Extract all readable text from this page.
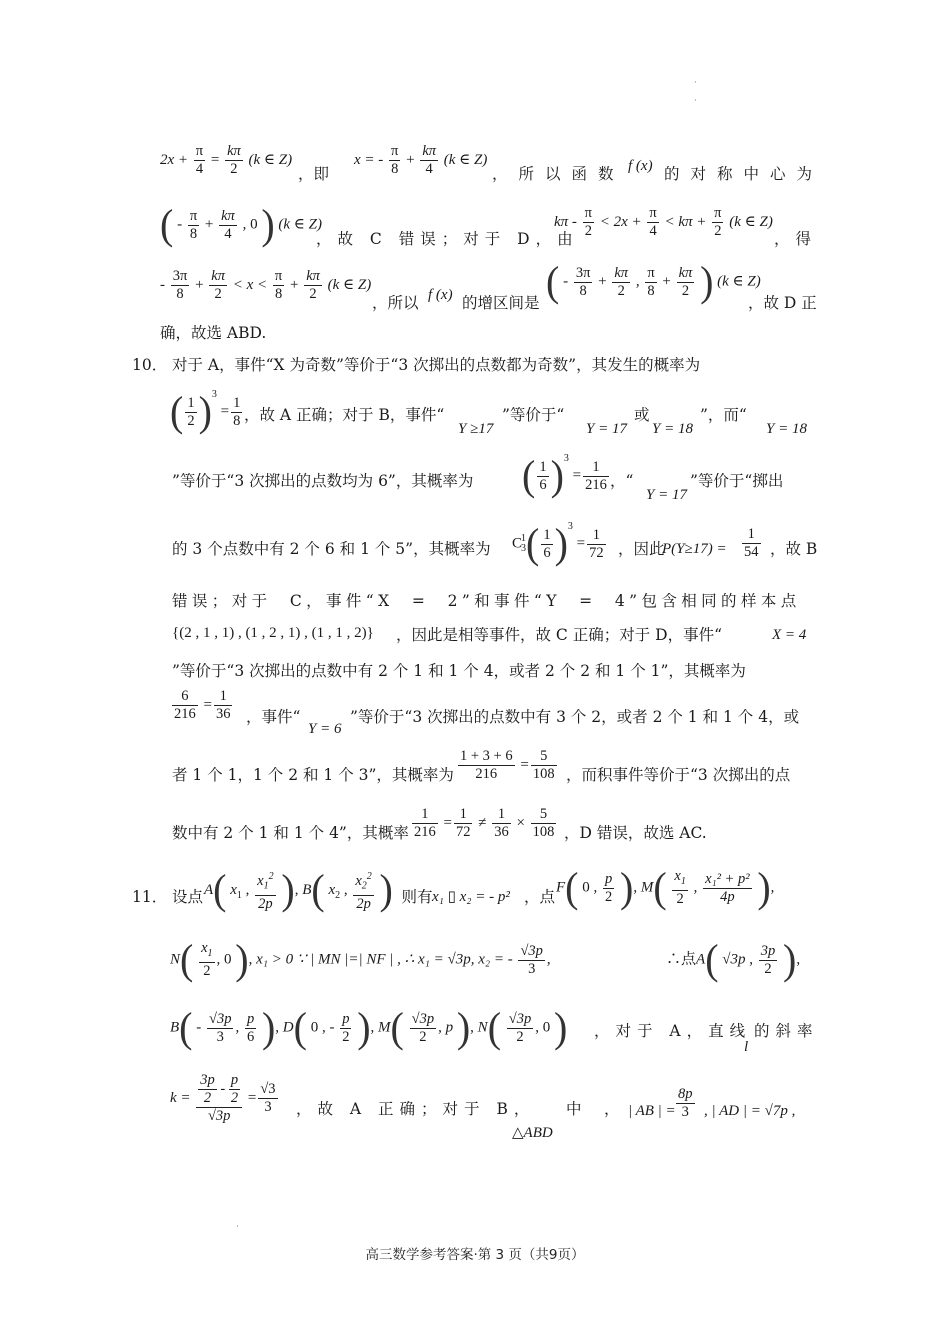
·
·
$2x + \frac{\pi}{4} = \frac{k\pi}{2} (k$ ∈ Z)
，即
x = - $\frac{\pi}{8} + \frac{k\pi}{4} (k$ ∈ Z)
，所以函数 f (x) 的对称中心为
( - $\frac{\pi}{8} + \frac{k\pi}{4}$ , 0 ) (k ∈ Z)
，故 C 错误；对于 D，由
$k\pi - \frac{\pi}{2} < 2x + \frac{\pi}{4} < k\pi + \frac{\pi}{2} (k$ ∈ Z)
，得
- $\frac{3\pi}{8} + \frac{k\pi}{2} < x < \frac{\pi}{8} + \frac{k\pi}{2} (k$ ∈ Z)
，所以 f (x) 的增区间是 ( - $\frac{3\pi}{8} + \frac{k\pi}{2}$ , $\frac{\pi}{8} + \frac{k\pi}{2}$ ) (k ∈ Z)
，故 D 正
确，故选 ABD.
10． 对于 A，事件“X 为奇数”等价于“3 次掷出的点数都为奇数”，其发生的概率为
( $\frac{1}{2} )^3 = \frac{1}{8}$ ，故 A 正确；对于 B，事件“
Y ≥17
”等价于“
Y = 17
或
Y = 18
”，而“
Y = 18
”等价于“3 次掷出的点数均为 6”，其概率为 ( $\frac{1}{6} )^3 = \frac{1}{216}$ ，“
Y = 17
”等价于“掷出
的 3 个点数中有 2 个 6 和 1 个 5”，其概率为 $C_3^1( \frac{1}{6} )^3 = \frac{1}{72}$ ，因此
$P(Y\ge 17) = \frac{1}{54}$ ，故 B
错误；对于 C，事件“X = 2”和事件“Y = 4”包含相同的样本点
{(2 , 1 , 1) , (1 , 2 , 1) , (1 , 1 , 2)} ，因此是相等事件，故 C 正确；对于 D，事件“	X = 4
”等价于“3 次掷出的点数中有 2 个 1 和 1 个 4，或者 2 个 2 和 1 个 1”，其概率为
$\frac{6}{216} = \frac{1}{36}$ ，事件“
Y = 6
”等价于“3 次掷出的点数中有 3 个 2，或者 2 个 1 和 1 个 4，或
者 1 个 1，1 个 2 和 1 个 3”，其概率为 $\frac{1 + 3 + 6}{216} = \frac{5}{108}$ ，而积事件等价于“3 次掷出的点
数中有 2 个 1 和 1 个 4”，其概率 $\frac{1}{216} = \frac{1}{72} \ne \frac{1}{36} \times \frac{5}{108}$ ，D 错误，故选 AC.
11． 设点 A( $x_1$ , $\frac{x_1^2}{2p}$ ), B( $x_2$ , $\frac{x_2^2}{2p}$ )
，则有 x₁ ▯ x₂ = - p² ，点
F( 0 , $\frac{p}{2}$ ), $M( \frac{x_1}{2}$ , $\frac{\text{x₁² + p²}}{4p}$ ),
$N( \frac{x_1}{2}$ , 0 ), x₁ > 0 ∵ | MN |=| NF | , ∴ x₁ = √3p, x₂ = - $\frac{√3p}{3}$ ,	∴点A( √3p , $\frac{3p}{2}$ ),
$B( - \frac{√3p}{3}$ , $\frac{p}{6}$ ), D( 0 , - $\frac{p}{2}$ ), $M( \frac{√3p}{2}$ , p ), $N( \frac{√3p}{2}$ , 0 ) ，对于 A，直线
l
的斜率
$k = \frac{\frac{3p}{2} - \frac{p}{2}}{√3p} = \frac{√3}{3}$ ，故 A 正确；对于 B， 中 ，
△ABD
| AB | = $\frac{8p}{3}$ , | AD | = √7p ,
·
高三数学参考答案·第 3 页（共9页）
